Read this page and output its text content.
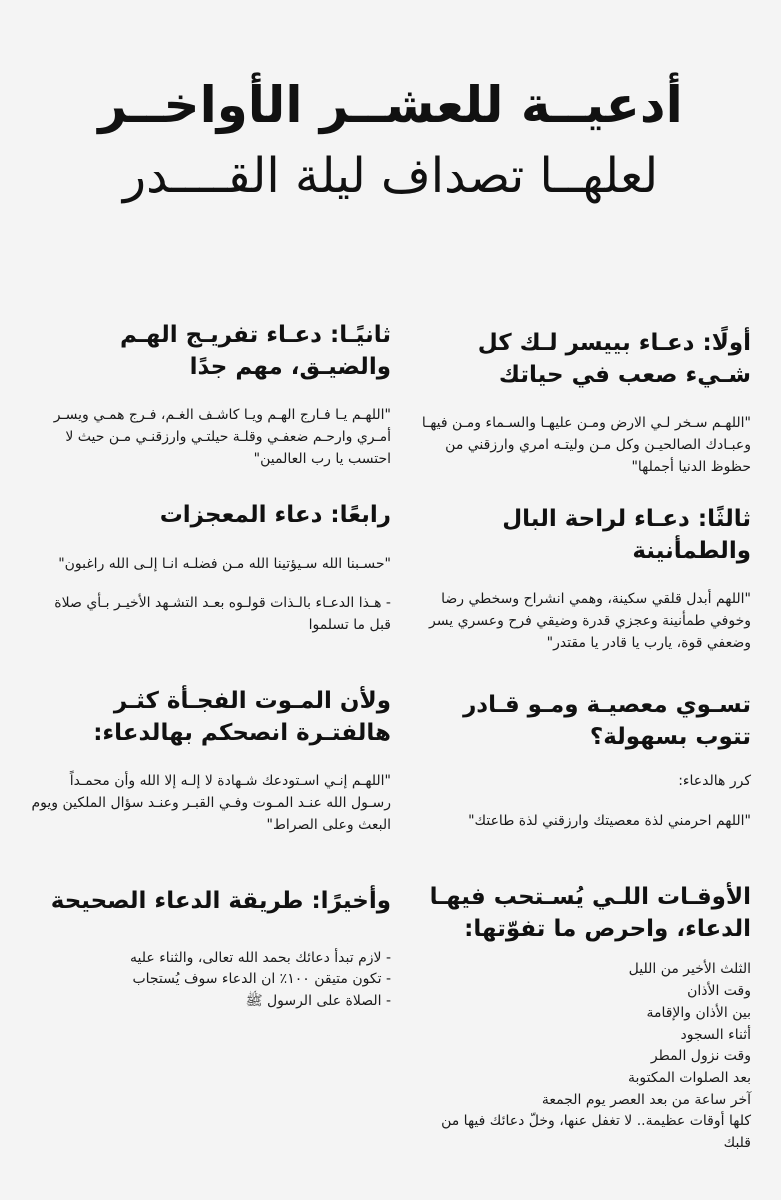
أدعيــة للعشــر الأواخــر
لعلهــا تصداف ليلة القــــدر

أولًا: دعـاء بييسر لـك كل شـيء صعب في حياتك

"اللهـم سـخر لـي الارض ومـن عليهـا والسـماء ومـن فيهـا وعبـادك الصالحيـن وكل مـن وليتـه امري وارزقني من حظوظ الدنيا أجملها"

ثالثًا: دعـاء لراحة البال والطمأنينة

"اللهم أبدل قلقي سكينة، وهمي انشراح وسخطي رضا وخوفي طمأنينة وعجزي قدرة وضيقي فرح وعسري يسر وضعفي قوة، يارب يا قادر يا مقتدر"

تسـوي معصيـة ومـو قـادر تتوب بسهولة؟

كرر هالدعاء:

"اللهم احرمني لذة معصيتك وارزقني لذة طاعتك"

الأوقـات اللـي يُسـتحب فيهـا الدعاء، واحرص ما تفوّتها:

الثلث الأخير من الليل
وقت الأذان
بين الأذان والإقامة
أثناء السجود
وقت نزول المطر
بعد الصلوات المكتوبة
آخر ساعة من بعد العصر يوم الجمعة
كلها أوقات عظيمة.. لا تغفل عنها، وخلّ دعائك فيها من قلبك

ثانيًـا: دعـاء تفريـج الهـم والضيـق، مهم جدًا

"اللهـم يـا فـارج الهـم ويـا كاشـف الغـم، فـرج همـي ويسـر أمـري وارحـم ضعفـي وقلـة حيلتـي وارزقنـي مـن حيث لا احتسب يا رب العالمين"

رابعًا: دعاء المعجزات

"حسـبنا الله سـيؤتينا الله مـن فضلـه انـا إلـى الله راغبون"

- هـذا الدعـاء بالـذات قولـوه بعـد التشـهد الأخيـر بـأي صلاة قبل ما تسلموا

ولأن المـوت الفجـأة كثـر هالفتـرة انصحكم بهالدعاء:

"اللهـم إنـي اسـتودعك شـهادة لا إلـه إلا الله وأن محمـداً رسـول الله عنـد المـوت وفـي القبـر وعنـد سؤال الملكين ويوم البعث وعلى الصراط"

وأخيرًا: طريقة الدعاء الصحيحة

- لازم تبدأ دعائك بحمد الله تعالى، والثناء عليه
- تكون متيقن ١٠٠٪ ان الدعاء سوف يُستجاب
- الصلاة على الرسول ﷺ
